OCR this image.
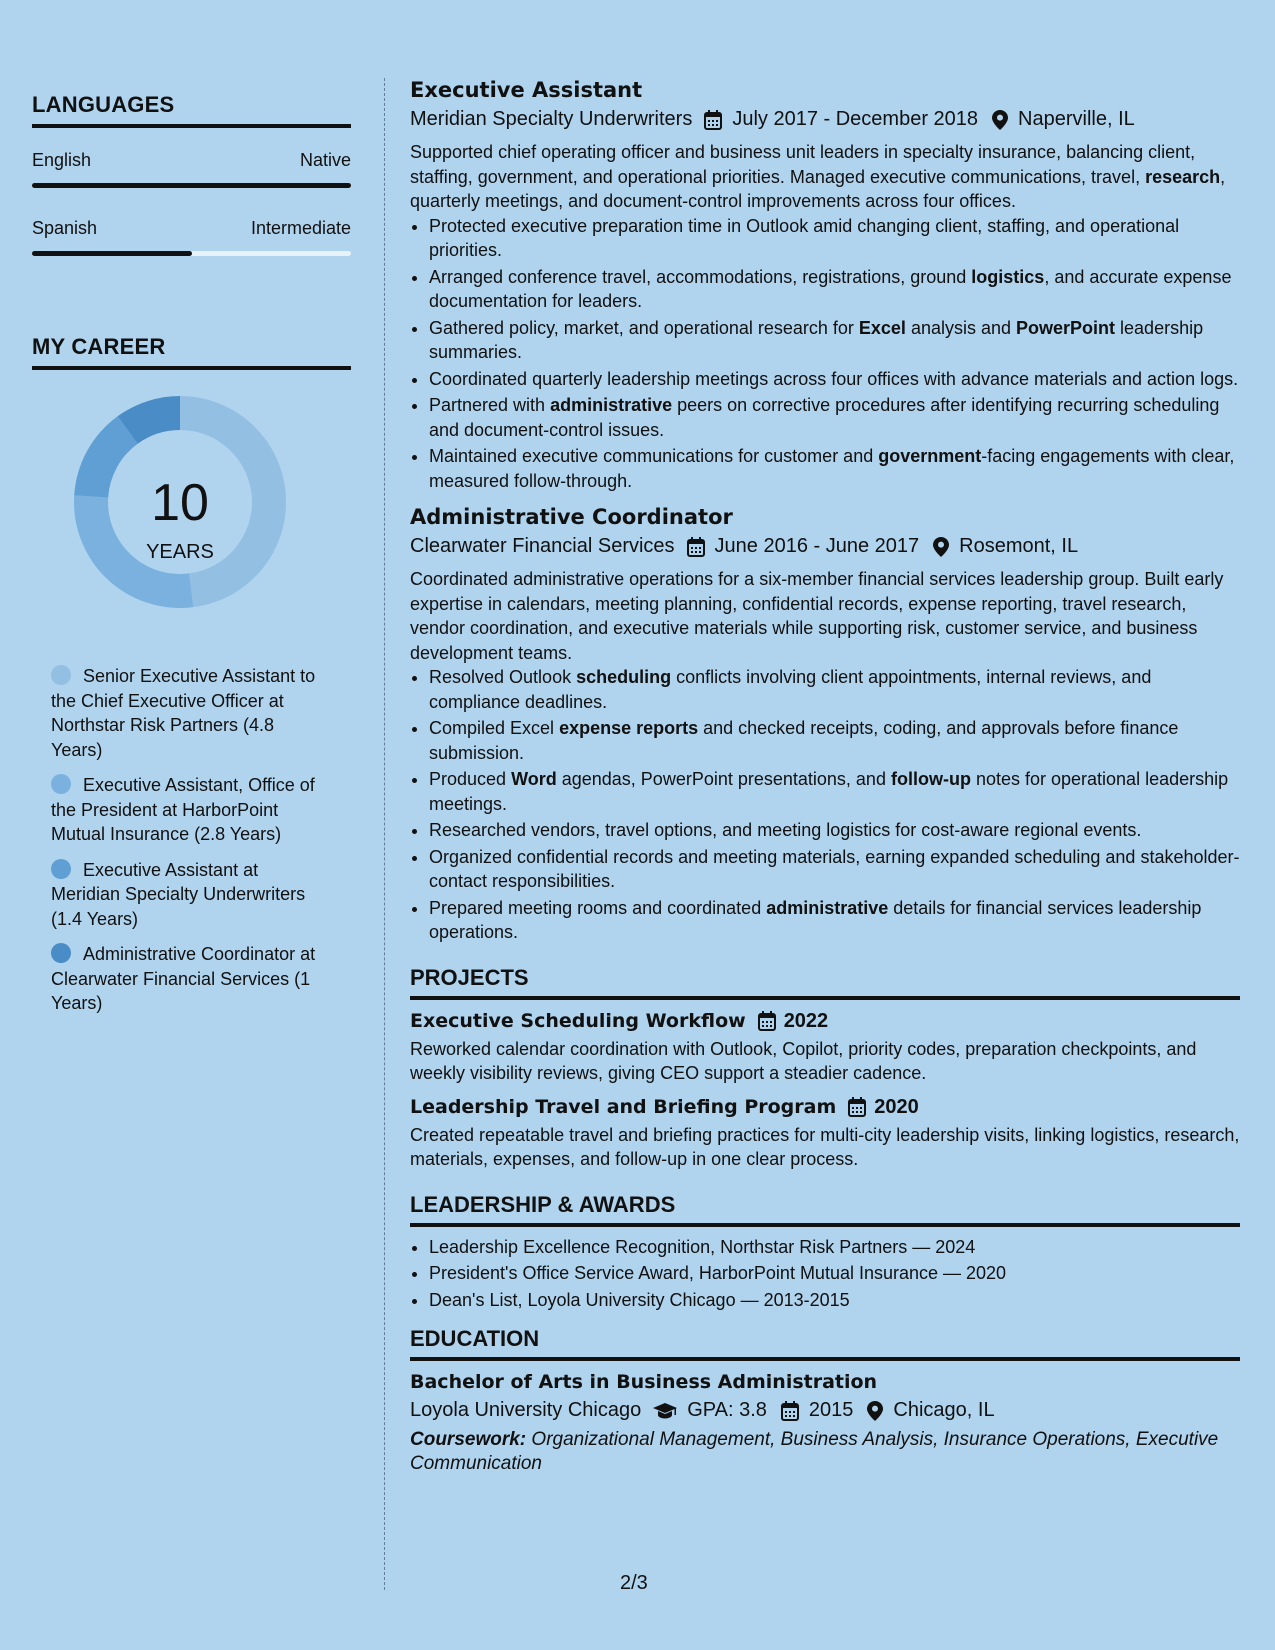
LANGUAGES
English	Native
Spanish	Intermediate
MY CAREER
10
YEARS
Senior Executive Assistant to the Chief Executive Officer at Northstar Risk Partners (4.8 Years)
Executive Assistant, Office of the President at HarborPoint Mutual Insurance (2.8 Years)
Executive Assistant at Meridian Specialty Underwriters (1.4 Years)
Administrative Coordinator at Clearwater Financial Services (1 Years)
Executive Assistant
Meridian Specialty Underwriters July 2017 - December 2018 Naperville, IL
Supported chief operating officer and business unit leaders in specialty insurance, balancing client, staffing, government, and operational priorities. Managed executive communications, travel, research, quarterly meetings, and document-control improvements across four offices.
• Protected executive preparation time in Outlook amid changing client, staffing, and operational priorities.
• Arranged conference travel, accommodations, registrations, ground logistics, and accurate expense documentation for leaders.
• Gathered policy, market, and operational research for Excel analysis and PowerPoint leadership summaries.
• Coordinated quarterly leadership meetings across four offices with advance materials and action logs.
• Partnered with administrative peers on corrective procedures after identifying recurring scheduling and document-control issues.
• Maintained executive communications for customer and government-facing engagements with clear, measured follow-through.
Administrative Coordinator
Clearwater Financial Services June 2016 - June 2017 Rosemont, IL
Coordinated administrative operations for a six-member financial services leadership group. Built early expertise in calendars, meeting planning, confidential records, expense reporting, travel research, vendor coordination, and executive materials while supporting risk, customer service, and business development teams.
• Resolved Outlook scheduling conflicts involving client appointments, internal reviews, and compliance deadlines.
• Compiled Excel expense reports and checked receipts, coding, and approvals before finance submission.
• Produced Word agendas, PowerPoint presentations, and follow-up notes for operational leadership meetings.
• Researched vendors, travel options, and meeting logistics for cost-aware regional events.
• Organized confidential records and meeting materials, earning expanded scheduling and stakeholder-contact responsibilities.
• Prepared meeting rooms and coordinated administrative details for financial services leadership operations.
PROJECTS
Executive Scheduling Workflow 2022
Reworked calendar coordination with Outlook, Copilot, priority codes, preparation checkpoints, and weekly visibility reviews, giving CEO support a steadier cadence.
Leadership Travel and Briefing Program 2020
Created repeatable travel and briefing practices for multi-city leadership visits, linking logistics, research, materials, expenses, and follow-up in one clear process.
LEADERSHIP & AWARDS
• Leadership Excellence Recognition, Northstar Risk Partners — 2024
• President's Office Service Award, HarborPoint Mutual Insurance — 2020
• Dean's List, Loyola University Chicago — 2013-2015
EDUCATION
Bachelor of Arts in Business Administration
Loyola University Chicago GPA: 3.8 2015 Chicago, IL
Coursework: Organizational Management, Business Analysis, Insurance Operations, Executive Communication
2/3
